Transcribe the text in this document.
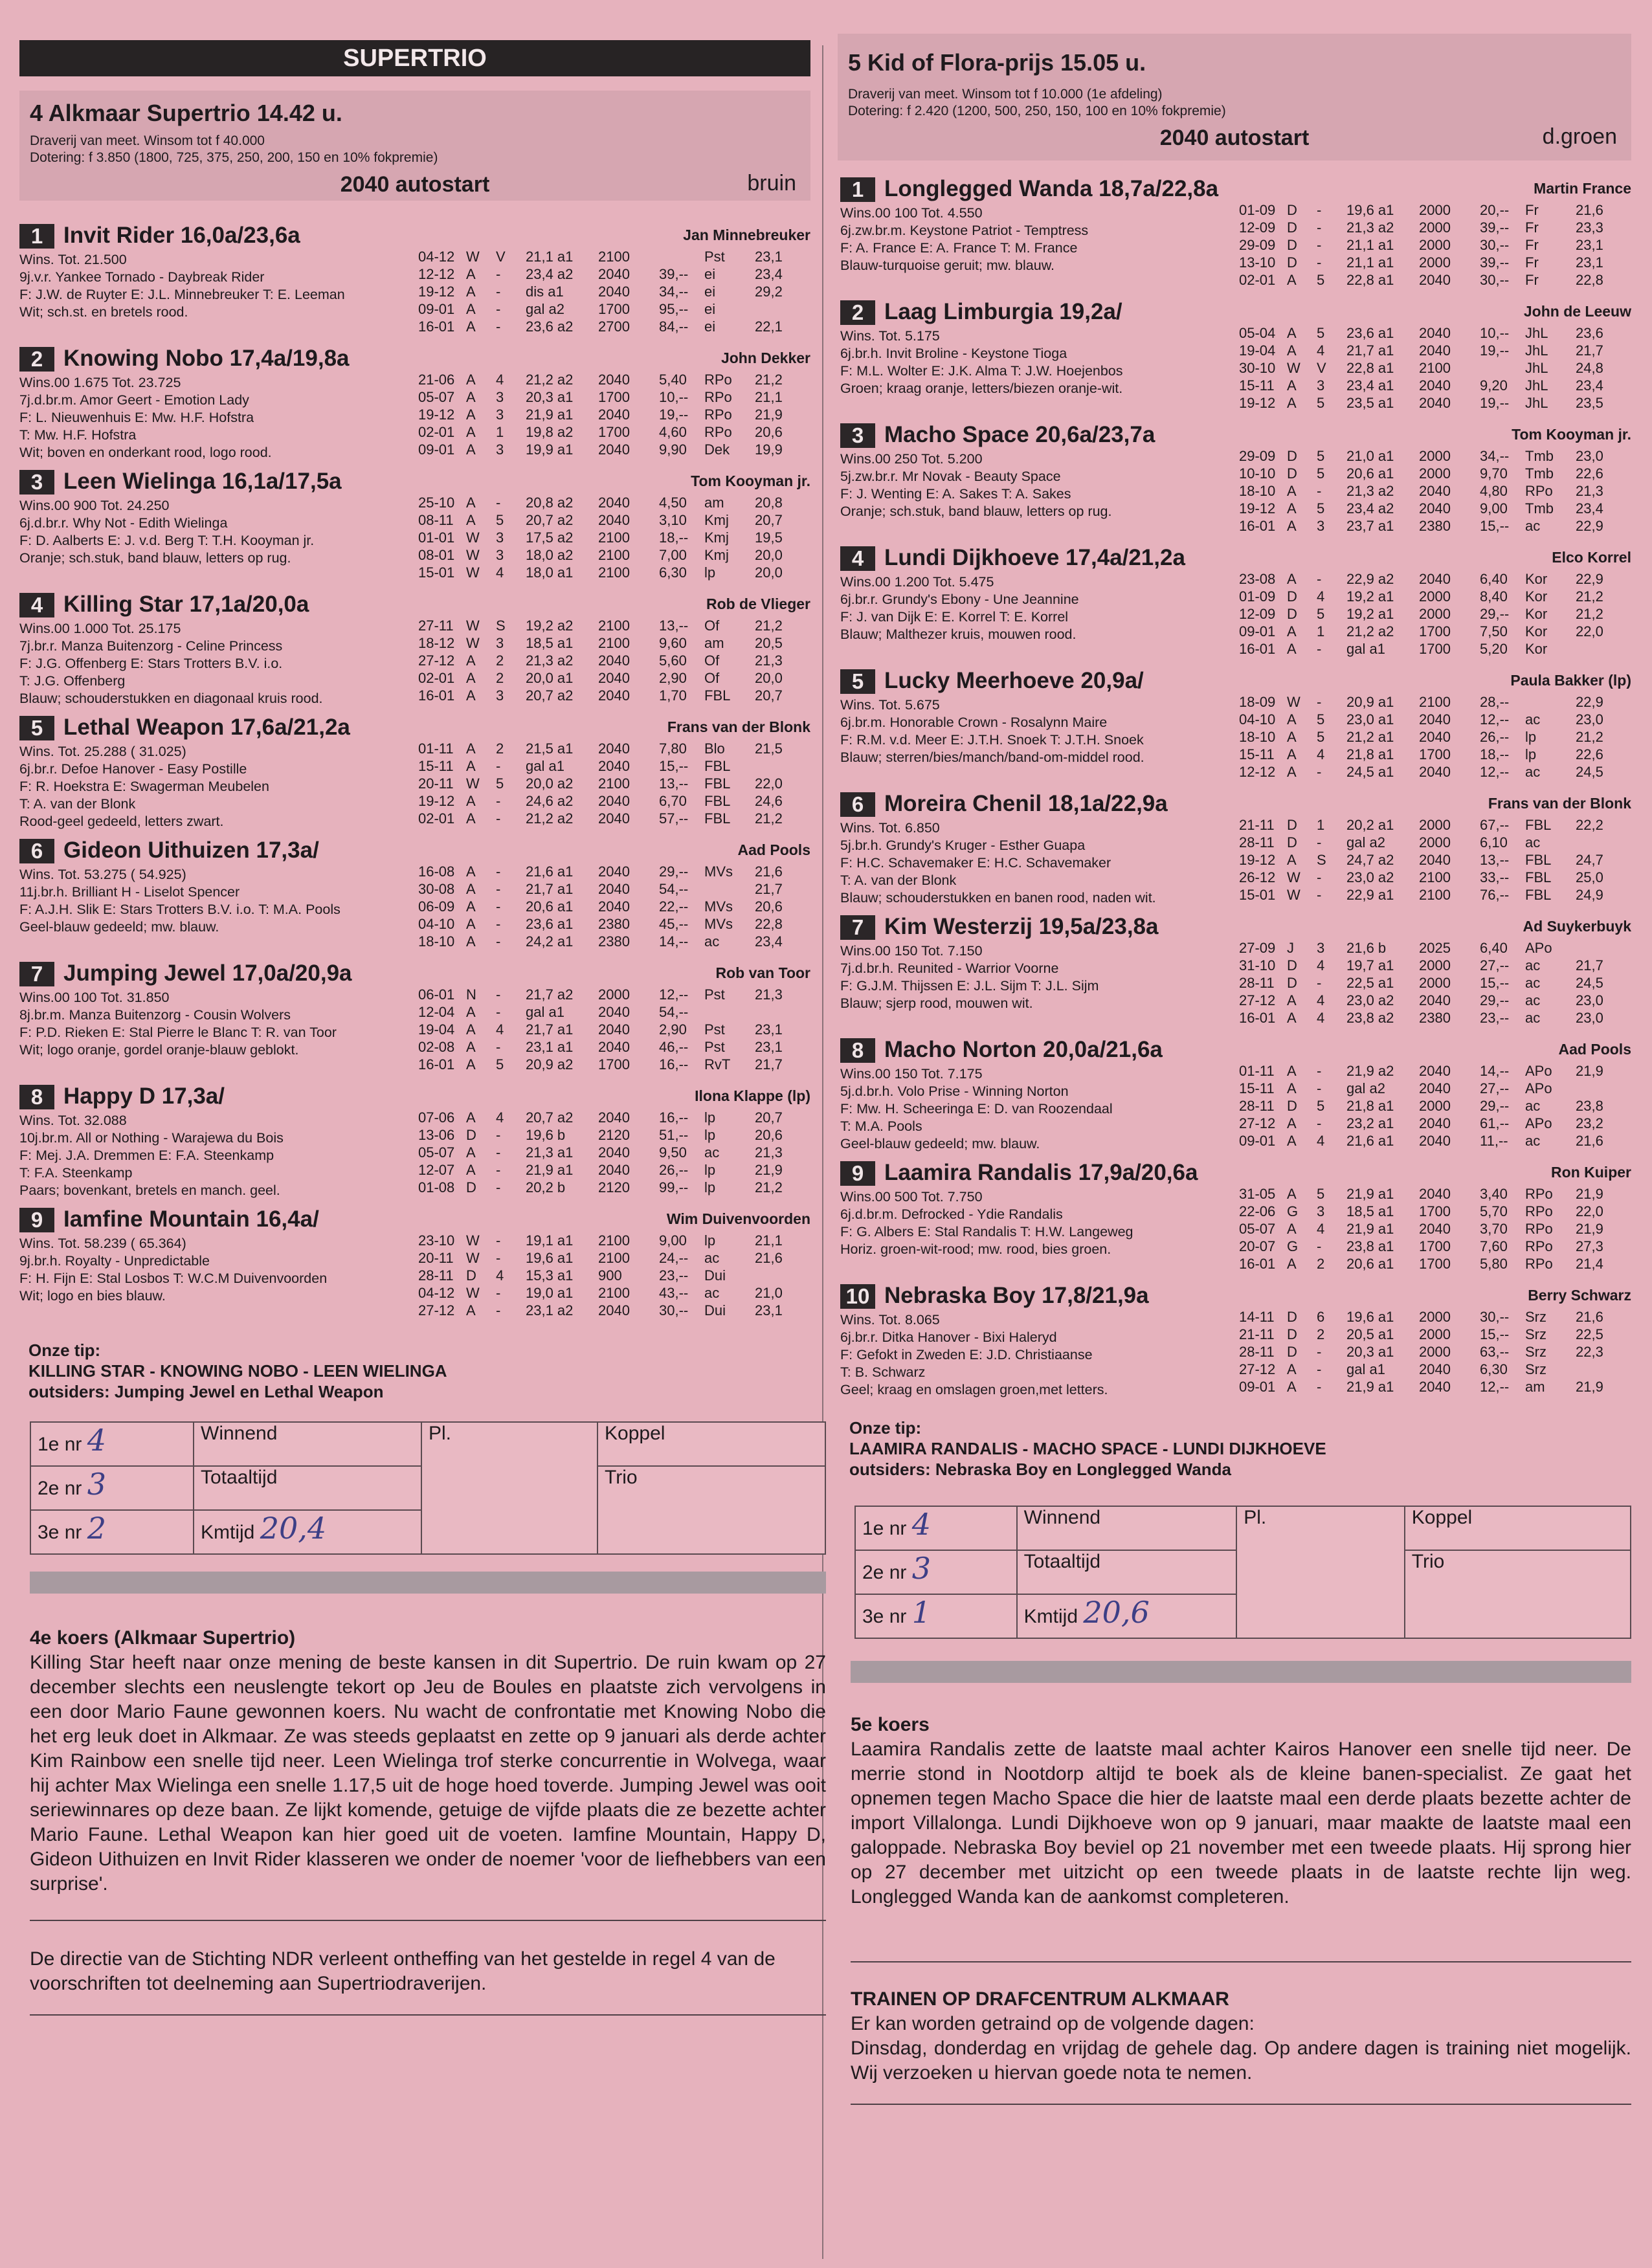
SUPERTRIO
4 Alkmaar Supertrio 14.42 u.
Draverij van meet. Winsom tot f 40.000
Dotering: f 3.850 (1800, 725, 375, 250, 200, 150 en 10% fokpremie)
2040 autostart	bruin
1 Invit Rider 16,0a/23,6a	Jan Minnebreuker
Wins. Tot. 21.500
9j.v.r. Yankee Tornado - Daybreak Rider
F: J.W. de Ruyter E: J.L. Minnebreuker T: E. Leeman
Wit; sch.st. en bretels rood.
04-12 W V 21,1 a1 2100	Pst 23,1
12-12 A - 23,4 a2 2040 39,-- ei	23,4
19-12 A - dis a1 2040 34,-- ei	29,2
09-01 A - gal a2 1700 95,-- ei
16-01 A - 23,6 a2 2700 84,-- ei	22,1
2 Knowing Nobo 17,4a/19,8a	John Dekker
Wins.00 1.675 Tot. 23.725
7j.d.br.m. Amor Geert - Emotion Lady
F: L. Nieuwenhuis E: Mw. H.F. Hofstra
T: Mw. H.F. Hofstra
Wit; boven en onderkant rood, logo rood.
21-06 A 4 21,2 a2 2040 5,40 RPo 21,2
05-07 A 3 20,3 a1 1700 10,-- RPo 21,1
19-12 A 3 21,9 a1 2040 19,-- RPo 21,9
02-01 A 1 19,8 a2 1700 4,60 RPo 20,6
09-01 A 3 19,9 a1 2040 9,90 Dek 19,9
3 Leen Wielinga 16,1a/17,5a	Tom Kooyman jr.
Wins.00 900 Tot. 24.250
6j.d.br.r. Why Not - Edith Wielinga
F: D. Aalberts E: J. v.d. Berg T: T.H. Kooyman jr.
Oranje; sch.stuk, band blauw, letters op rug.
25-10 A - 20,8 a2 2040 4,50 am 20,8
08-11 A 5 20,7 a2 2040 3,10 Kmj 20,7
01-01 W 3 17,5 a2 2100 18,-- Kmj 19,5
08-01 W 3 18,0 a2 2100 7,00 Kmj 20,0
15-01 W 4 18,0 a1 2100 6,30 lp	20,0
4 Killing Star 17,1a/20,0a	Rob de Vlieger
Wins.00 1.000 Tot. 25.175
7j.br.r. Manza Buitenzorg - Celine Princess
F: J.G. Offenberg E: Stars Trotters B.V. i.o.
T: J.G. Offenberg
Blauw; schouderstukken en diagonaal kruis rood.
27-11 W S 19,2 a2 2100 13,-- Of 21,2
18-12 W 3 18,5 a1 2100 9,60 am 20,5
27-12 A 2 21,3 a2 2040 5,60 Of 21,3
02-01 A 2 20,0 a1 2040 2,90 Of 20,0
16-01 A 3 20,7 a2 2040 1,70 FBL 20,7
5 Lethal Weapon 17,6a/21,2a	Frans van der Blonk
Wins. Tot. 25.288 ( 31.025)
6j.br.r. Defoe Hanover - Easy Postille
F: R. Hoekstra E: Swagerman Meubelen
T: A. van der Blonk
Rood-geel gedeeld, letters zwart.
01-11 A 2 21,5 a1 2040 7,80 Blo 21,5
15-11 A - gal a1 2040 15,-- FBL
20-11 W 5 20,0 a2 2100 13,-- FBL 22,0
19-12 A - 24,6 a2 2040 6,70 FBL 24,6
02-01 A - 21,2 a2 2040 57,-- FBL 21,2
6 Gideon Uithuizen 17,3a/	Aad Pools
Wins. Tot. 53.275 ( 54.925)
11j.br.h. Brilliant H - Liselot Spencer
F: A.J.H. Slik E: Stars Trotters B.V. i.o. T: M.A. Pools
Geel-blauw gedeeld; mw. blauw.
16-08 A - 21,6 a1 2040 29,-- MVs 21,6
30-08 A - 21,7 a1 2040 54,--	21,7
06-09 A - 20,6 a1 2040 22,-- MVs 20,6
04-10 A - 23,6 a1 2380 45,-- MVs 22,8
18-10 A - 24,2 a1 2380 14,-- ac 23,4
7 Jumping Jewel 17,0a/20,9a	Rob van Toor
Wins.00 100 Tot. 31.850
8j.br.m. Manza Buitenzorg - Cousin Wolvers
F: P.D. Rieken E: Stal Pierre le Blanc T: R. van Toor
Wit; logo oranje, gordel oranje-blauw geblokt.
06-01 N - 21,7 a2 2000 12,-- Pst 21,3
12-04 A - gal a1 2040 54,--
19-04 A 4 21,7 a1 2040 2,90 Pst 23,1
02-08 A - 23,1 a1 2040 46,-- Pst 23,1
16-01 A 5 20,9 a2 1700 16,-- RvT 21,7
8 Happy D 17,3a/	Ilona Klappe (lp)
Wins. Tot. 32.088
10j.br.m. All or Nothing - Warajewa du Bois
F: Mej. J.A. Dremmen E: F.A. Steenkamp
T: F.A. Steenkamp
Paars; bovenkant, bretels en manch. geel.
07-06 A 4 20,7 a2 2040 16,-- lp	20,7
13-06 D - 19,6 b 2120 51,-- lp	20,6
05-07 A - 21,3 a1 2040 9,50 ac 21,3
12-07 A - 21,9 a1 2040 26,-- lp	21,9
01-08 D - 20,2 b 2120 99,-- lp	21,2
9 Iamfine Mountain 16,4a/	Wim Duivenvoorden
Wins. Tot. 58.239 ( 65.364)
9j.br.h. Royalty - Unpredictable
F: H. Fijn E: Stal Losbos T: W.C.M Duivenvoorden
Wit; logo en bies blauw.
23-10 W - 19,1 a1 2100 9,00 lp	21,1
20-11 W - 19,6 a1 2100 24,-- ac 21,6
28-11 D 4 15,3 a1 900	23,-- Dui
04-12 W - 19,0 a1 2100 43,-- ac 21,0
27-12 A - 23,1 a2 2040 30,-- Dui 23,1
Onze tip:
KILLING STAR - KNOWING NOBO - LEEN WIELINGA
outsiders: Jumping Jewel en Lethal Weapon
1e nr 4	Winnend	Pl.	Koppel
2e nr 3	Totaaltijd		Trio
3e nr 2	Kmtijd 20,4		
4e koers (Alkmaar Supertrio)
Killing Star heeft naar onze mening de beste kansen in dit Supertrio. De ruin kwam op 27 december slechts een neuslengte tekort op Jeu de Boules en plaatste zich vervolgens in een door Mario Faune gewonnen koers. Nu wacht de confrontatie met Knowing Nobo die het erg leuk doet in Alkmaar. Ze was steeds geplaatst en zette op 9 januari als derde achter Kim Rainbow een snelle tijd neer. Leen Wielinga trof sterke concurrentie in Wolvega, waar hij achter Max Wielinga een snelle 1.17,5 uit de hoge hoed toverde. Jumping Jewel was ooit seriewinnares op deze baan. Ze lijkt komende, getuige de vijfde plaats die ze bezette achter Mario Faune. Lethal Weapon kan hier goed uit de voeten. Iamfine Mountain, Happy D, Gideon Uithuizen en Invit Rider klasseren we onder de noemer 'voor de liefhebbers van een surprise'.
De directie van de Stichting NDR verleent ontheffing van het gestelde in regel 4 van de voorschriften tot deelneming aan Supertriodraverijen.
5 Kid of Flora-prijs 15.05 u.
Draverij van meet. Winsom tot f 10.000 (1e afdeling)
Dotering: f 2.420 (1200, 500, 250, 150, 100 en 10% fokpremie)
2040 autostart	d.groen
1 Longlegged Wanda 18,7a/22,8a	Martin France
Wins.00 100 Tot. 4.550
6j.zw.br.m. Keystone Patriot - Temptress
F: A. France E: A. France T: M. France
Blauw-turquoise geruit; mw. blauw.
01-09 D - 19,6 a1 2000 20,-- Fr	21,6
12-09 D - 21,3 a2 2000 39,-- Fr	23,3
29-09 D - 21,1 a1 2000 30,-- Fr	23,1
13-10 D - 21,1 a1 2000 39,-- Fr	23,1
02-01 A 5 22,8 a1 2040 30,-- Fr	22,8
2 Laag Limburgia 19,2a/	John de Leeuw
Wins. Tot. 5.175
6j.br.h. Invit Broline - Keystone Tioga
F: M.L. Wolter E: J.K. Alma T: J.W. Hoejenbos
Groen; kraag oranje, letters/biezen oranje-wit.
05-04 A 5 23,6 a1 2040 10,-- JhL 23,6
19-04 A 4 21,7 a1 2040 19,-- JhL 21,7
30-10 W V 22,8 a1 2100	JhL 24,8
15-11 A 3 23,4 a1 2040 9,20 JhL 23,4
19-12 A 5 23,5 a1 2040 19,-- JhL 23,5
3 Macho Space 20,6a/23,7a	Tom Kooyman jr.
Wins.00 250 Tot. 5.200
5j.zw.br.r. Mr Novak - Beauty Space
F: J. Wenting E: A. Sakes T: A. Sakes
Oranje; sch.stuk, band blauw, letters op rug.
29-09 D 5 21,0 a1 2000 34,-- Tmb 23,0
10-10 D 5 20,6 a1 2000 9,70 Tmb 22,6
18-10 A - 21,3 a2 2040 4,80 RPo 21,3
19-12 A 5 23,4 a2 2040 9,00 Tmb 23,4
16-01 A 3 23,7 a1 2380 15,-- ac 22,9
4 Lundi Dijkhoeve 17,4a/21,2a	Elco Korrel
Wins.00 1.200 Tot. 5.475
6j.br.r. Grundy's Ebony - Une Jeannine
F: J. van Dijk E: E. Korrel T: E. Korrel
Blauw; Malthezer kruis, mouwen rood.
23-08 A - 22,9 a2 2040 6,40 Kor 22,9
01-09 D 4 19,2 a1 2000 8,40 Kor 21,2
12-09 D 5 19,2 a1 2000 29,-- Kor 21,2
09-01 A 1 21,2 a2 1700 7,50 Kor 22,0
16-01 A - gal a1 1700 5,20 Kor
5 Lucky Meerhoeve 20,9a/	Paula Bakker (lp)
Wins. Tot. 5.675
6j.br.m. Honorable Crown - Rosalynn Maire
F: R.M. v.d. Meer E: J.T.H. Snoek T: J.T.H. Snoek
Blauw; sterren/bies/manch/band-om-middel rood.
18-09 W - 20,9 a1 2100 28,--	22,9
04-10 A 5 23,0 a1 2040 12,-- ac 23,0
18-10 A 5 21,2 a1 2040 26,-- lp	21,2
15-11 A 4 21,8 a1 1700 18,-- lp	22,6
12-12 A - 24,5 a1 2040 12,-- ac 24,5
6 Moreira Chenil 18,1a/22,9a	Frans van der Blonk
Wins. Tot. 6.850
5j.br.h. Grundy's Kruger - Esther Guapa
F: H.C. Schavemaker E: H.C. Schavemaker
T: A. van der Blonk
Blauw; schouderstukken en banen rood, naden wit.
21-11 D 1 20,2 a1 2000 67,-- FBL 22,2
28-11 D - gal a2 2000 6,10 ac
19-12 A S 24,7 a2 2040 13,-- FBL 24,7
26-12 W - 23,0 a2 2100 33,-- FBL 25,0
15-01 W - 22,9 a1 2100 76,-- FBL 24,9
7 Kim Westerzij 19,5a/23,8a	Ad Suykerbuyk
Wins.00 150 Tot. 7.150
7j.d.br.h. Reunited - Warrior Voorne
F: G.J.M. Thijssen E: J.L. Sijm T: J.L. Sijm
Blauw; sjerp rood, mouwen wit.
27-09 J 3 21,6 b 2025 6,40 APo
31-10 D 4 19,7 a1 2000 27,-- ac 21,7
28-11 D - 22,5 a1 2000 15,-- ac 24,5
27-12 A 4 23,0 a2 2040 29,-- ac 23,0
16-01 A 4 23,8 a2 2380 23,-- ac 23,0
8 Macho Norton 20,0a/21,6a	Aad Pools
Wins.00 150 Tot. 7.175
5j.d.br.h. Volo Prise - Winning Norton
F: Mw. H. Scheeringa E: D. van Roozendaal
T: M.A. Pools
Geel-blauw gedeeld; mw. blauw.
01-11 A - 21,9 a2 2040 14,-- APo 21,9
15-11 A - gal a2 2040 27,-- APo
28-11 D 5 21,8 a1 2000 29,-- ac 23,8
27-12 A - 23,2 a1 2040 61,-- APo 23,2
09-01 A 4 21,6 a1 2040 11,-- ac 21,6
9 Laamira Randalis 17,9a/20,6a	Ron Kuiper
Wins.00 500 Tot. 7.750
6j.d.br.m. Defrocked - Ydie Randalis
F: G. Albers E: Stal Randalis T: H.W. Langeweg
Horiz. groen-wit-rood; mw. rood, bies groen.
31-05 A 5 21,9 a1 2040 3,40 RPo 21,9
22-06 G 3 18,5 a1 1700 5,70 RPo 22,0
05-07 A 4 21,9 a1 2040 3,70 RPo 21,9
20-07 G - 23,8 a1 1700 7,60 RPo 27,3
16-01 A 2 20,6 a1 1700 5,80 RPo 21,4
10 Nebraska Boy 17,8/21,9a	Berry Schwarz
Wins. Tot. 8.065
6j.br.r. Ditka Hanover - Bixi Haleryd
F: Gefokt in Zweden E: J.D. Christiaanse
T: B. Schwarz
Geel; kraag en omslagen groen,met letters.
14-11 D 6 19,6 a1 2000 30,-- Srz 21,6
21-11 D 2 20,5 a1 2000 15,-- Srz 22,5
28-11 D - 20,3 a1 2000 63,-- Srz 22,3
27-12 A - gal a1 2040 6,30 Srz
09-01 A - 21,9 a1 2040 12,-- am 21,9
Onze tip:
LAAMIRA RANDALIS - MACHO SPACE - LUNDI DIJKHOEVE
outsiders: Nebraska Boy en Longlegged Wanda
1e nr 4	Winnend	Pl.	Koppel
2e nr 3	Totaaltijd		Trio
3e nr 1	Kmtijd 20,6		
5e koers
Laamira Randalis zette de laatste maal achter Kairos Hanover een snelle tijd neer. De merrie stond in Nootdorp altijd te boek als de kleine banen-specialist. Ze gaat het opnemen tegen Macho Space die hier de laatste maal een derde plaats bezette achter de import Villalonga. Lundi Dijkhoeve won op 9 januari, maar maakte de laatste maal een galoppade. Nebraska Boy beviel op 21 november met een tweede plaats. Hij sprong hier op 27 december met uitzicht op een tweede plaats in de laatste rechte lijn weg. Longlegged Wanda kan de aankomst completeren.
TRAINEN OP DRAFCENTRUM ALKMAAR
Er kan worden getraind op de volgende dagen:
Dinsdag, donderdag en vrijdag de gehele dag. Op andere dagen is training niet mogelijk. Wij verzoeken u hiervan goede nota te nemen.
